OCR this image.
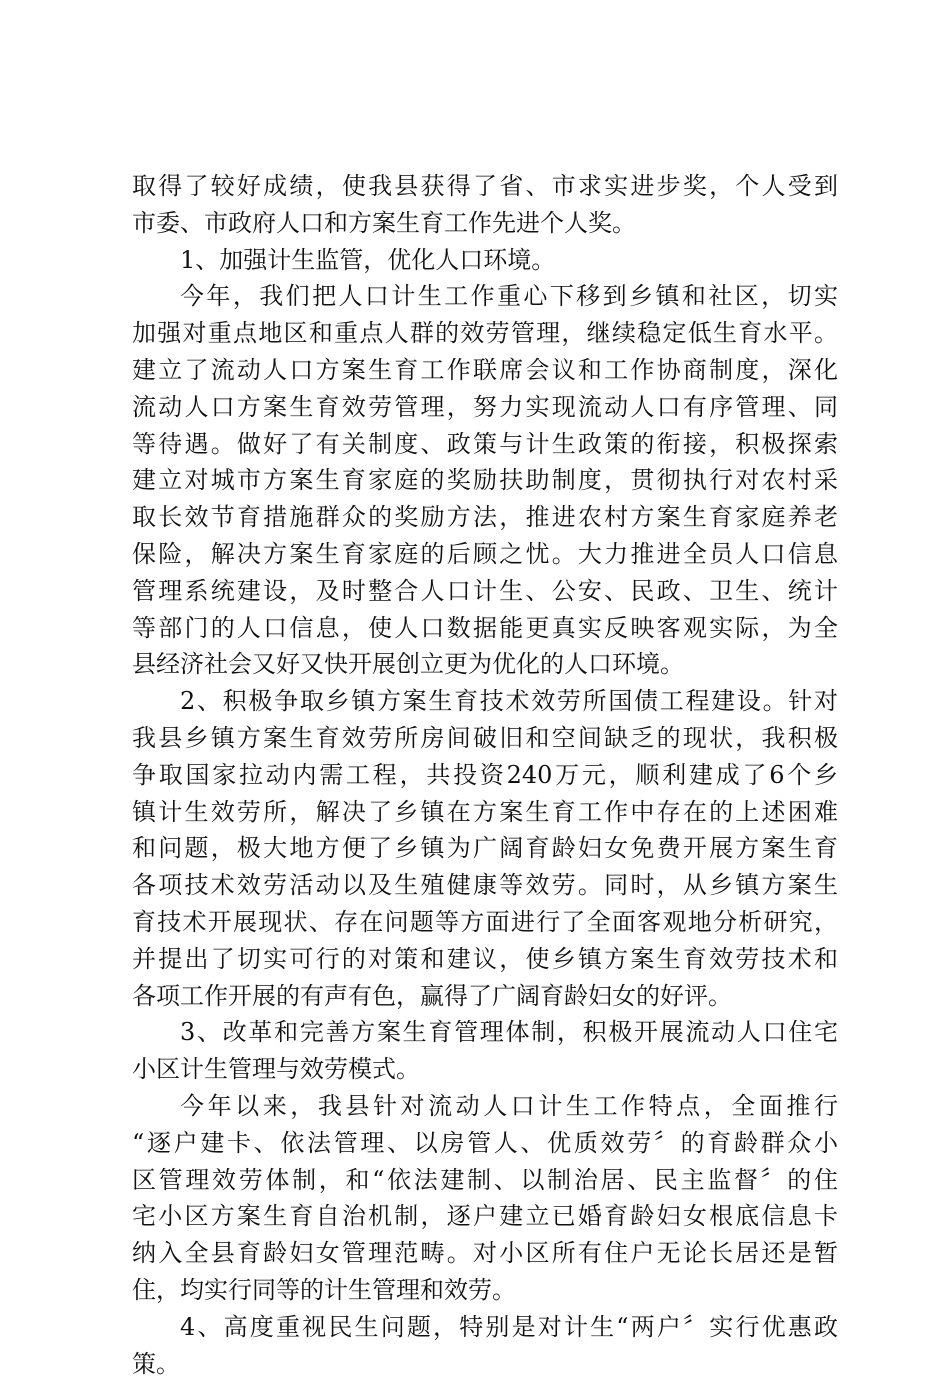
取得了较好成绩，使我县获得了省、市求实进步奖，个人受到
市委、市政府人口和方案生育工作先进个人奖。
1、加强计生监管，优化人口环境。
今年，我们把人口计生工作重心下移到乡镇和社区，切实
加强对重点地区和重点人群的效劳管理，继续稳定低生育水平。
建立了流动人口方案生育工作联席会议和工作协商制度，深化
流动人口方案生育效劳管理，努力实现流动人口有序管理、同
等待遇。做好了有关制度、政策与计生政策的衔接，积极探索
建立对城市方案生育家庭的奖励扶助制度，贯彻执行对农村采
取长效节育措施群众的奖励方法，推进农村方案生育家庭养老
保险，解决方案生育家庭的后顾之忧。大力推进全员人口信息
管理系统建设，及时整合人口计生、公安、民政、卫生、统计
等部门的人口信息，使人口数据能更真实反映客观实际，为全
县经济社会又好又快开展创立更为优化的人口环境。
2、积极争取乡镇方案生育技术效劳所国债工程建设。针对
我县乡镇方案生育效劳所房间破旧和空间缺乏的现状，我积极
争取国家拉动内需工程，共投资240万元，顺利建成了6个乡
镇计生效劳所，解决了乡镇在方案生育工作中存在的上述困难
和问题，极大地方便了乡镇为广阔育龄妇女免费开展方案生育
各项技术效劳活动以及生殖健康等效劳。同时，从乡镇方案生
育技术开展现状、存在问题等方面进行了全面客观地分析研究，
并提出了切实可行的对策和建议，使乡镇方案生育效劳技术和
各项工作开展的有声有色，赢得了广阔育龄妇女的好评。
3、改革和完善方案生育管理体制，积极开展流动人口住宅
小区计生管理与效劳模式。
今年以来，我县针对流动人口计生工作特点，全面推行
“逐户建卡、依法管理、以房管人、优质效劳〞的育龄群众小
区管理效劳体制，和“依法建制、以制治居、民主监督〞的住
宅小区方案生育自治机制，逐户建立已婚育龄妇女根底信息卡
纳入全县育龄妇女管理范畴。对小区所有住户无论长居还是暂
住，均实行同等的计生管理和效劳。
4、高度重视民生问题，特别是对计生“两户〞实行优惠政
策。
